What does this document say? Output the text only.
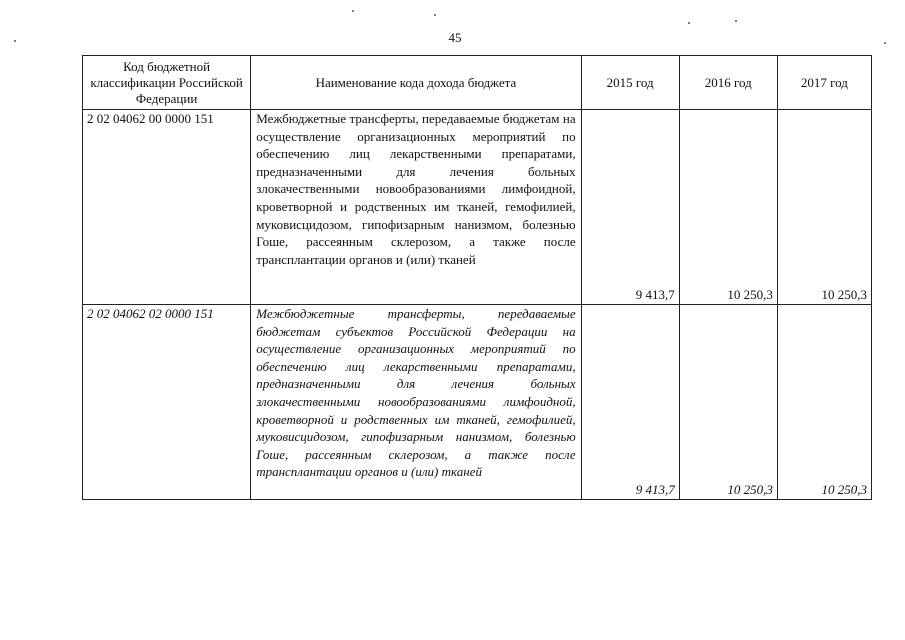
45
Код бюджетной классификации Российской Федерации	Наименование кода дохода бюджета	2015 год	2016 год	2017 год
2 02 04062 00 0000 151	Межбюджетные трансферты, передаваемые бюджетам на осуществление организационных мероприятий по обеспечению лиц лекарственными препаратами, предназначенными для лечения больных злокачественными новообразованиями лимфоидной, кроветворной и родственных им тканей, гемофилией, муковисцидозом, гипофизарным нанизмом, болезнью Гоше, рассеянным склерозом, а также после трансплантации органов и (или) тканей	9 413,7	10 250,3	10 250,3
2 02 04062 02 0000 151	Межбюджетные трансферты, передаваемые бюджетам субъектов Российской Федерации на осуществление организационных мероприятий по обеспечению лиц лекарственными препаратами, предназначенными для лечения больных злокачественными новообразованиями лимфоидной, кроветворной и родственных им тканей, гемофилией, муковисцидозом, гипофизарным нанизмом, болезнью Гоше, рассеянным склерозом, а также после трансплантации органов и (или) тканей	9 413,7	10 250,3	10 250,3
